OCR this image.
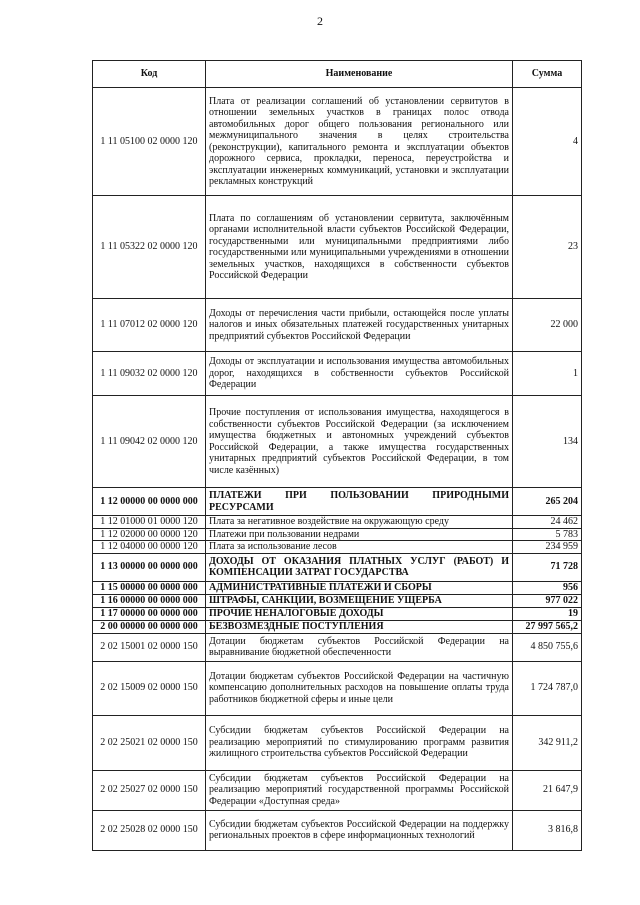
2
Код	Наименование	Сумма
1 11 05100 02 0000 120	Плата от реализации соглашений об установлении сервитутов в отношении земельных участков в границах полос отвода автомобильных дорог общего пользования регионального или межмуниципального значения в целях строительства (реконструкции), капитального ремонта и эксплуатации объектов дорожного сервиса, прокладки, переноса, переустройства и эксплуатации инженерных коммуникаций, установки и эксплуатации рекламных конструкций	4
1 11 05322 02 0000 120	Плата по соглашениям об установлении сервитута, заключённым органами исполнительной власти субъектов Российской Федерации, государственными или муниципальными предприятиями либо государственными или муниципальными учреждениями в отношении земельных участков, находящихся в собственности субъектов Российской Федерации	23
1 11 07012 02 0000 120	Доходы от перечисления части прибыли, остающейся после уплаты налогов и иных обязательных платежей государственных унитарных предприятий субъектов Российской Федерации	22 000
1 11 09032 02 0000 120	Доходы от эксплуатации и использования имущества автомобильных дорог, находящихся в собственности субъектов Российской Федерации	1
1 11 09042 02 0000 120	Прочие поступления от использования имущества, находящегося в собственности субъектов Российской Федерации (за исключением имущества бюджетных и автономных учреждений субъектов Российской Федерации, а также имущества государственных унитарных предприятий субъектов Российской Федерации, в том числе казённых)	134
1 12 00000 00 0000 000	ПЛАТЕЖИ ПРИ ПОЛЬЗОВАНИИ ПРИРОДНЫМИ РЕСУРСАМИ	265 204
1 12 01000 01 0000 120	Плата за негативное воздействие на окружающую среду	24 462
1 12 02000 00 0000 120	Платежи при пользовании недрами	5 783
1 12 04000 00 0000 120	Плата за использование лесов	234 959
1 13 00000 00 0000 000	ДОХОДЫ ОТ ОКАЗАНИЯ ПЛАТНЫХ УСЛУГ (РАБОТ) И КОМПЕНСАЦИИ ЗАТРАТ ГОСУДАРСТВА	71 728
1 15 00000 00 0000 000	АДМИНИСТРАТИВНЫЕ ПЛАТЕЖИ И СБОРЫ	956
1 16 00000 00 0000 000	ШТРАФЫ, САНКЦИИ, ВОЗМЕЩЕНИЕ УЩЕРБА	977 022
1 17 00000 00 0000 000	ПРОЧИЕ НЕНАЛОГОВЫЕ ДОХОДЫ	19
2 00 00000 00 0000 000	БЕЗВОЗМЕЗДНЫЕ ПОСТУПЛЕНИЯ	27 997 565,2
2 02 15001 02 0000 150	Дотации бюджетам субъектов Российской Федерации на выравнивание бюджетной обеспеченности	4 850 755,6
2 02 15009 02 0000 150	Дотации бюджетам субъектов Российской Федерации на частичную компенсацию дополнительных расходов на повышение оплаты труда работников бюджетной сферы и иные цели	1 724 787,0
2 02 25021 02 0000 150	Субсидии бюджетам субъектов Российской Федерации на реализацию мероприятий по стимулированию программ развития жилищного строительства субъектов Российской Федерации	342 911,2
2 02 25027 02 0000 150	Субсидии бюджетам субъектов Российской Федерации на реализацию мероприятий государственной программы Российской Федерации «Доступная среда»	21 647,9
2 02 25028 02 0000 150	Субсидии бюджетам субъектов Российской Федерации на поддержку региональных проектов в сфере информационных технологий	3 816,8
